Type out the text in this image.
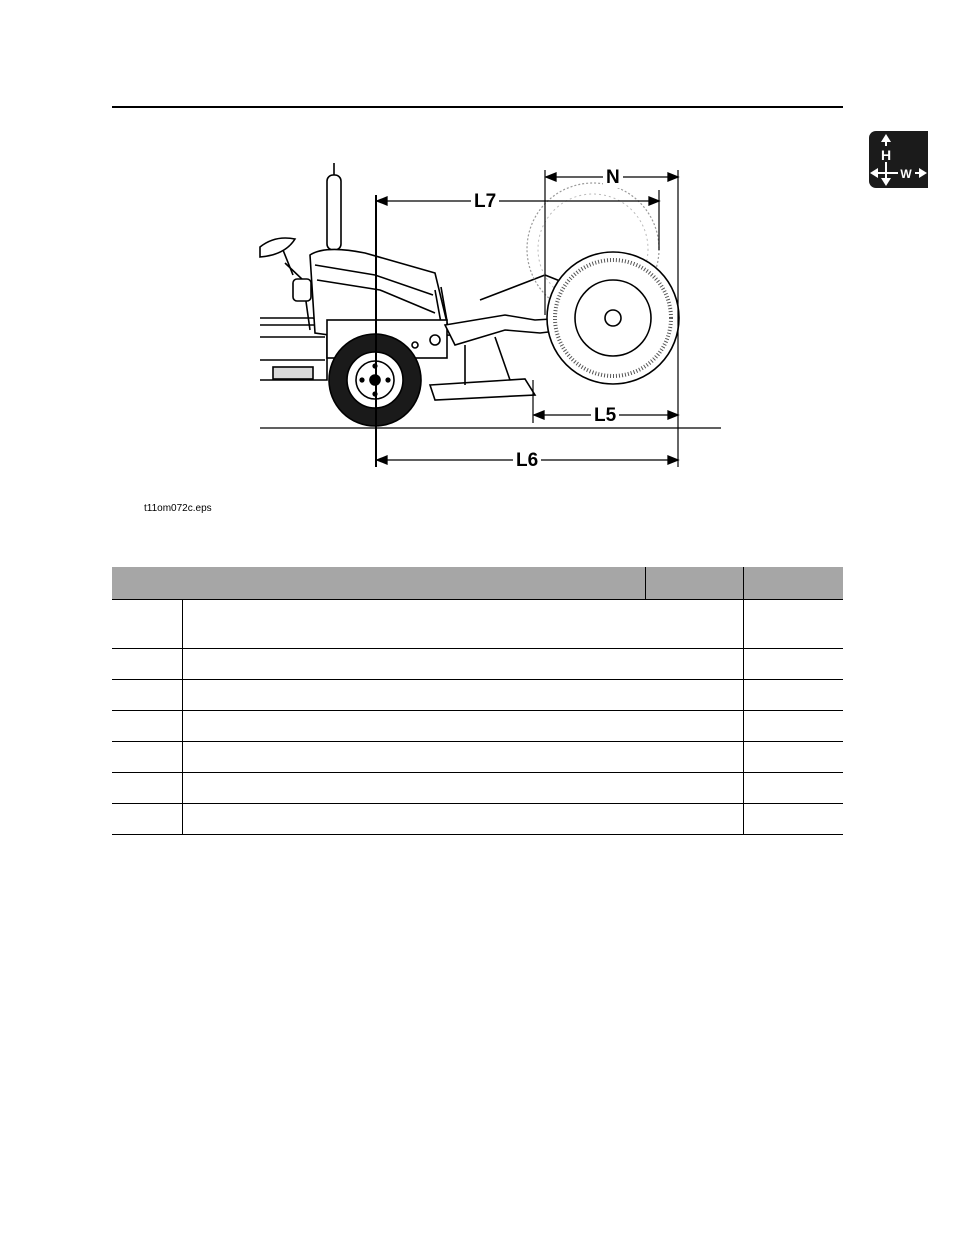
H
W
N
L7
L5
L6
t11om072c.eps
